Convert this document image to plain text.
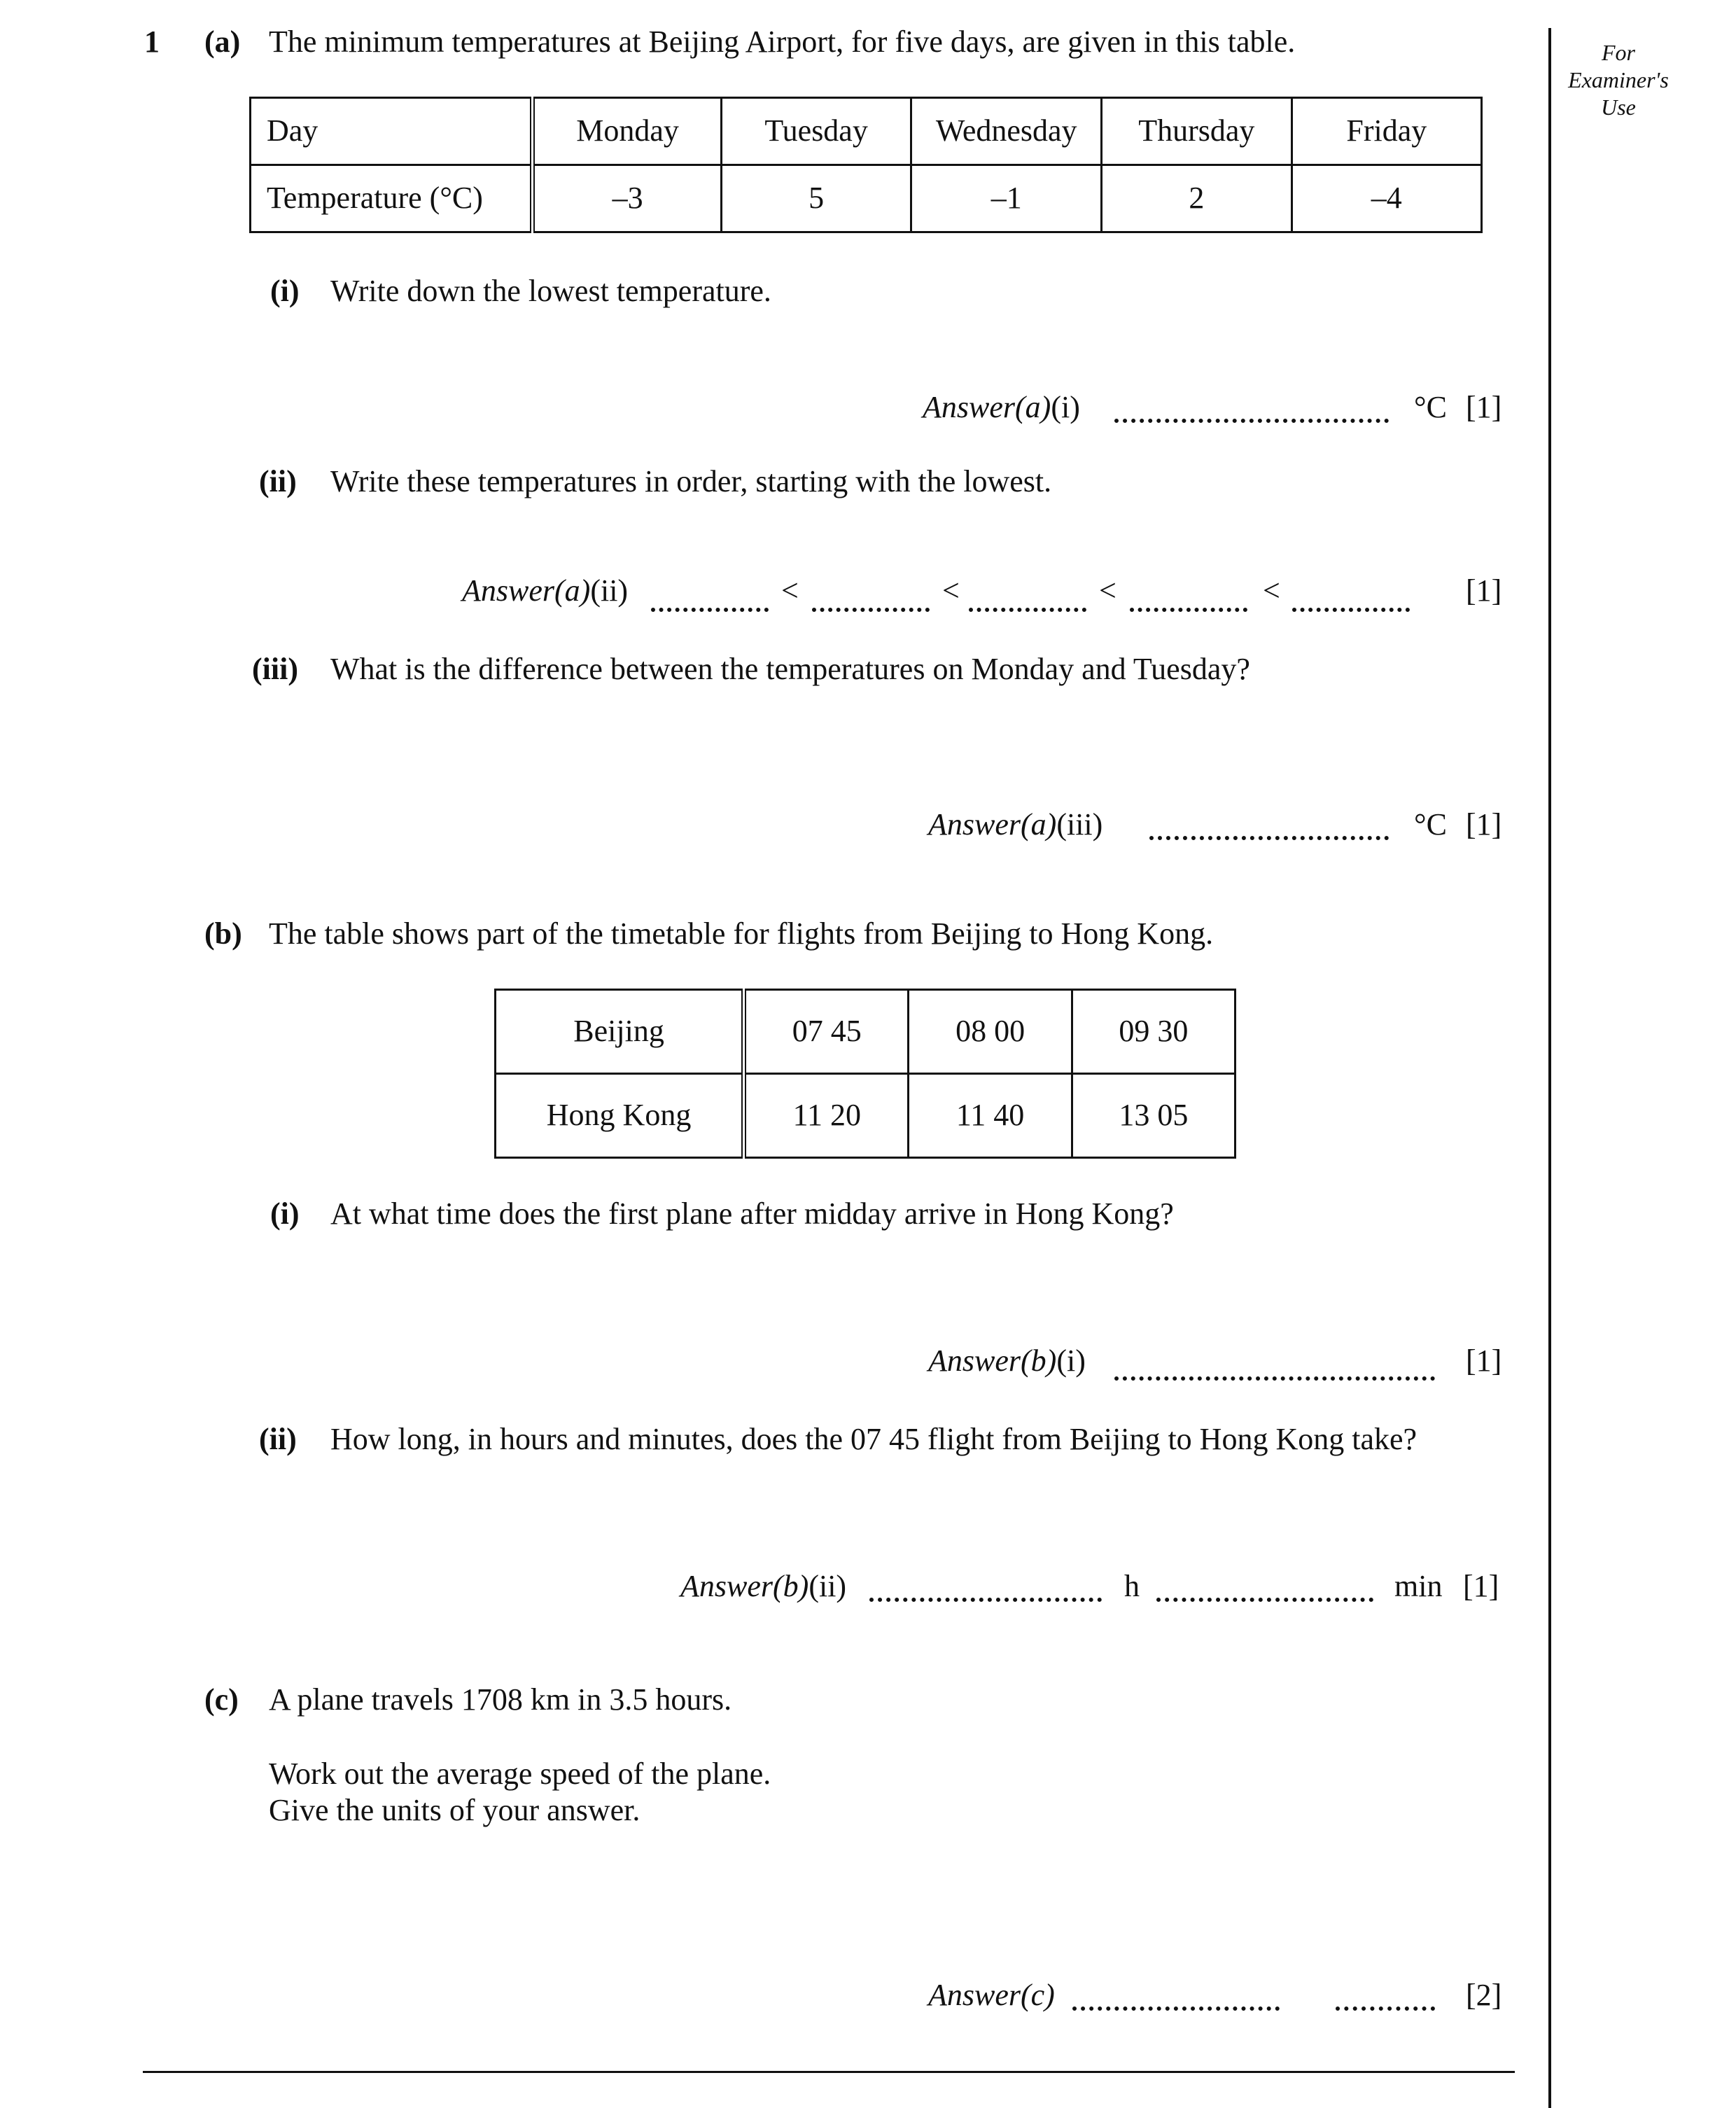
For
Examiner's
Use
1 (a) The minimum temperatures at Beijing Airport, for five days, are given in this table.
Day	Monday	Tuesday	Wednesday	Thursday	Friday
Temperature (°C)	–3	5	–1	2	–4
(i) Write down the lowest temperature.
Answer(a)(i)	°C [1]
(ii) Write these temperatures in order, starting with the lowest.
Answer(a)(ii)	<	<	<	<	[1]
(iii) What is the difference between the temperatures on Monday and Tuesday?
Answer(a)(iii)	°C [1]
(b) The table shows part of the timetable for flights from Beijing to Hong Kong.
Beijing	07 45	08 00	09 30
Hong Kong	11 20	11 40	13 05
(i) At what time does the first plane after midday arrive in Hong Kong?
Answer(b)(i)	[1]
(ii) How long, in hours and minutes, does the 07 45 flight from Beijing to Hong Kong take?
Answer(b)(ii)	h	min [1]
(c) A plane travels 1708 km in 3.5 hours.
Work out the average speed of the plane.
Give the units of your answer.
Answer(c)	[2]
